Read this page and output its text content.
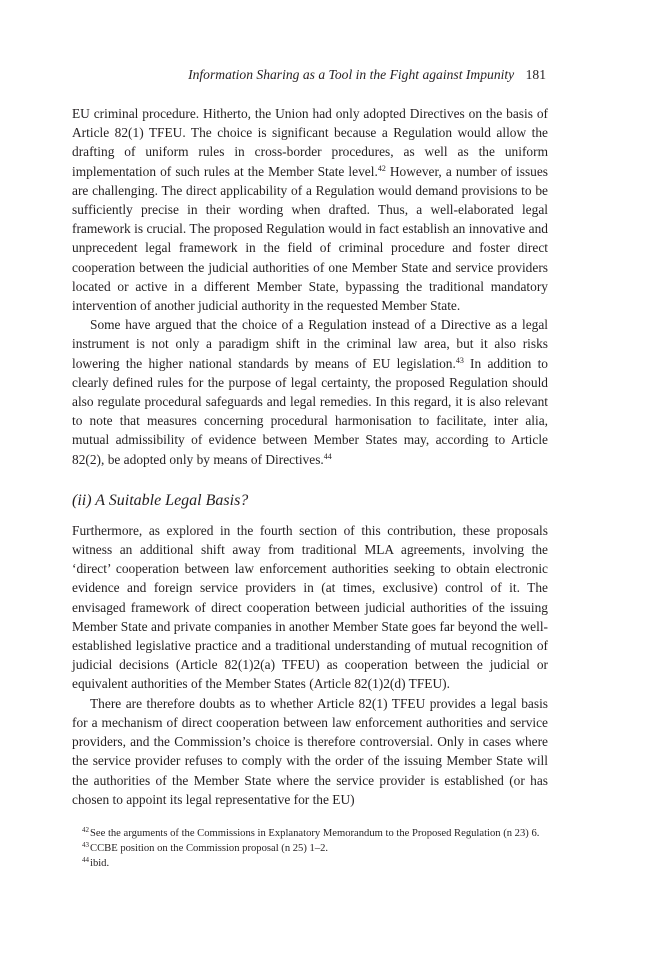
Information Sharing as a Tool in the Fight against Impunity 181

EU criminal procedure. Hitherto, the Union had only adopted Directives on the basis of Article 82(1) TFEU. The choice is significant because a Regulation would allow the drafting of uniform rules in cross-border procedures, as well as the uniform implementation of such rules at the Member State level.$^{42}$ However, a number of issues are challenging. The direct applicability of a Regulation would demand provisions to be sufficiently precise in their wording when drafted. Thus, a well-elaborated legal framework is crucial. The proposed Regulation would in fact establish an innovative and unprecedent legal framework in the field of criminal procedure and foster direct cooperation between the judicial authorities of one Member State and service providers located or active in a different Member State, bypassing the traditional mandatory intervention of another judicial authority in the requested Member State.

Some have argued that the choice of a Regulation instead of a Directive as a legal instrument is not only a paradigm shift in the criminal law area, but it also risks lowering the higher national standards by means of EU legislation.$^{43}$ In addition to clearly defined rules for the purpose of legal certainty, the proposed Regulation should also regulate procedural safeguards and legal remedies. In this regard, it is also relevant to note that measures concerning procedural harmonisation to facilitate, inter alia, mutual admissibility of evidence between Member States may, according to Article 82(2), be adopted only by means of Directives.$^{44}$

(ii) A Suitable Legal Basis?

Furthermore, as explored in the fourth section of this contribution, these proposals witness an additional shift away from traditional MLA agreements, involving the ‘direct’ cooperation between law enforcement authorities seeking to obtain electronic evidence and foreign service providers in (at times, exclusive) control of it. The envisaged framework of direct cooperation between judicial authorities of the issuing Member State and private companies in another Member State goes far beyond the well-established legislative practice and a traditional understanding of mutual recognition of judicial decisions (Article 82(1)2(a) TFEU) as cooperation between the judicial or equivalent authorities of the Member States (Article 82(1)2(d) TFEU).

There are therefore doubts as to whether Article 82(1) TFEU provides a legal basis for a mechanism of direct cooperation between law enforcement authorities and service providers, and the Commission’s choice is therefore controversial. Only in cases where the service provider refuses to comply with the order of the issuing Member State will the authorities of the Member State where the service provider is established (or has chosen to appoint its legal representative for the EU)

$^{42}$See the arguments of the Commissions in Explanatory Memorandum to the Proposed Regulation (n 23) 6.

$^{43}$CCBE position on the Commission proposal (n 25) 1–2.

$^{44}$ibid.
